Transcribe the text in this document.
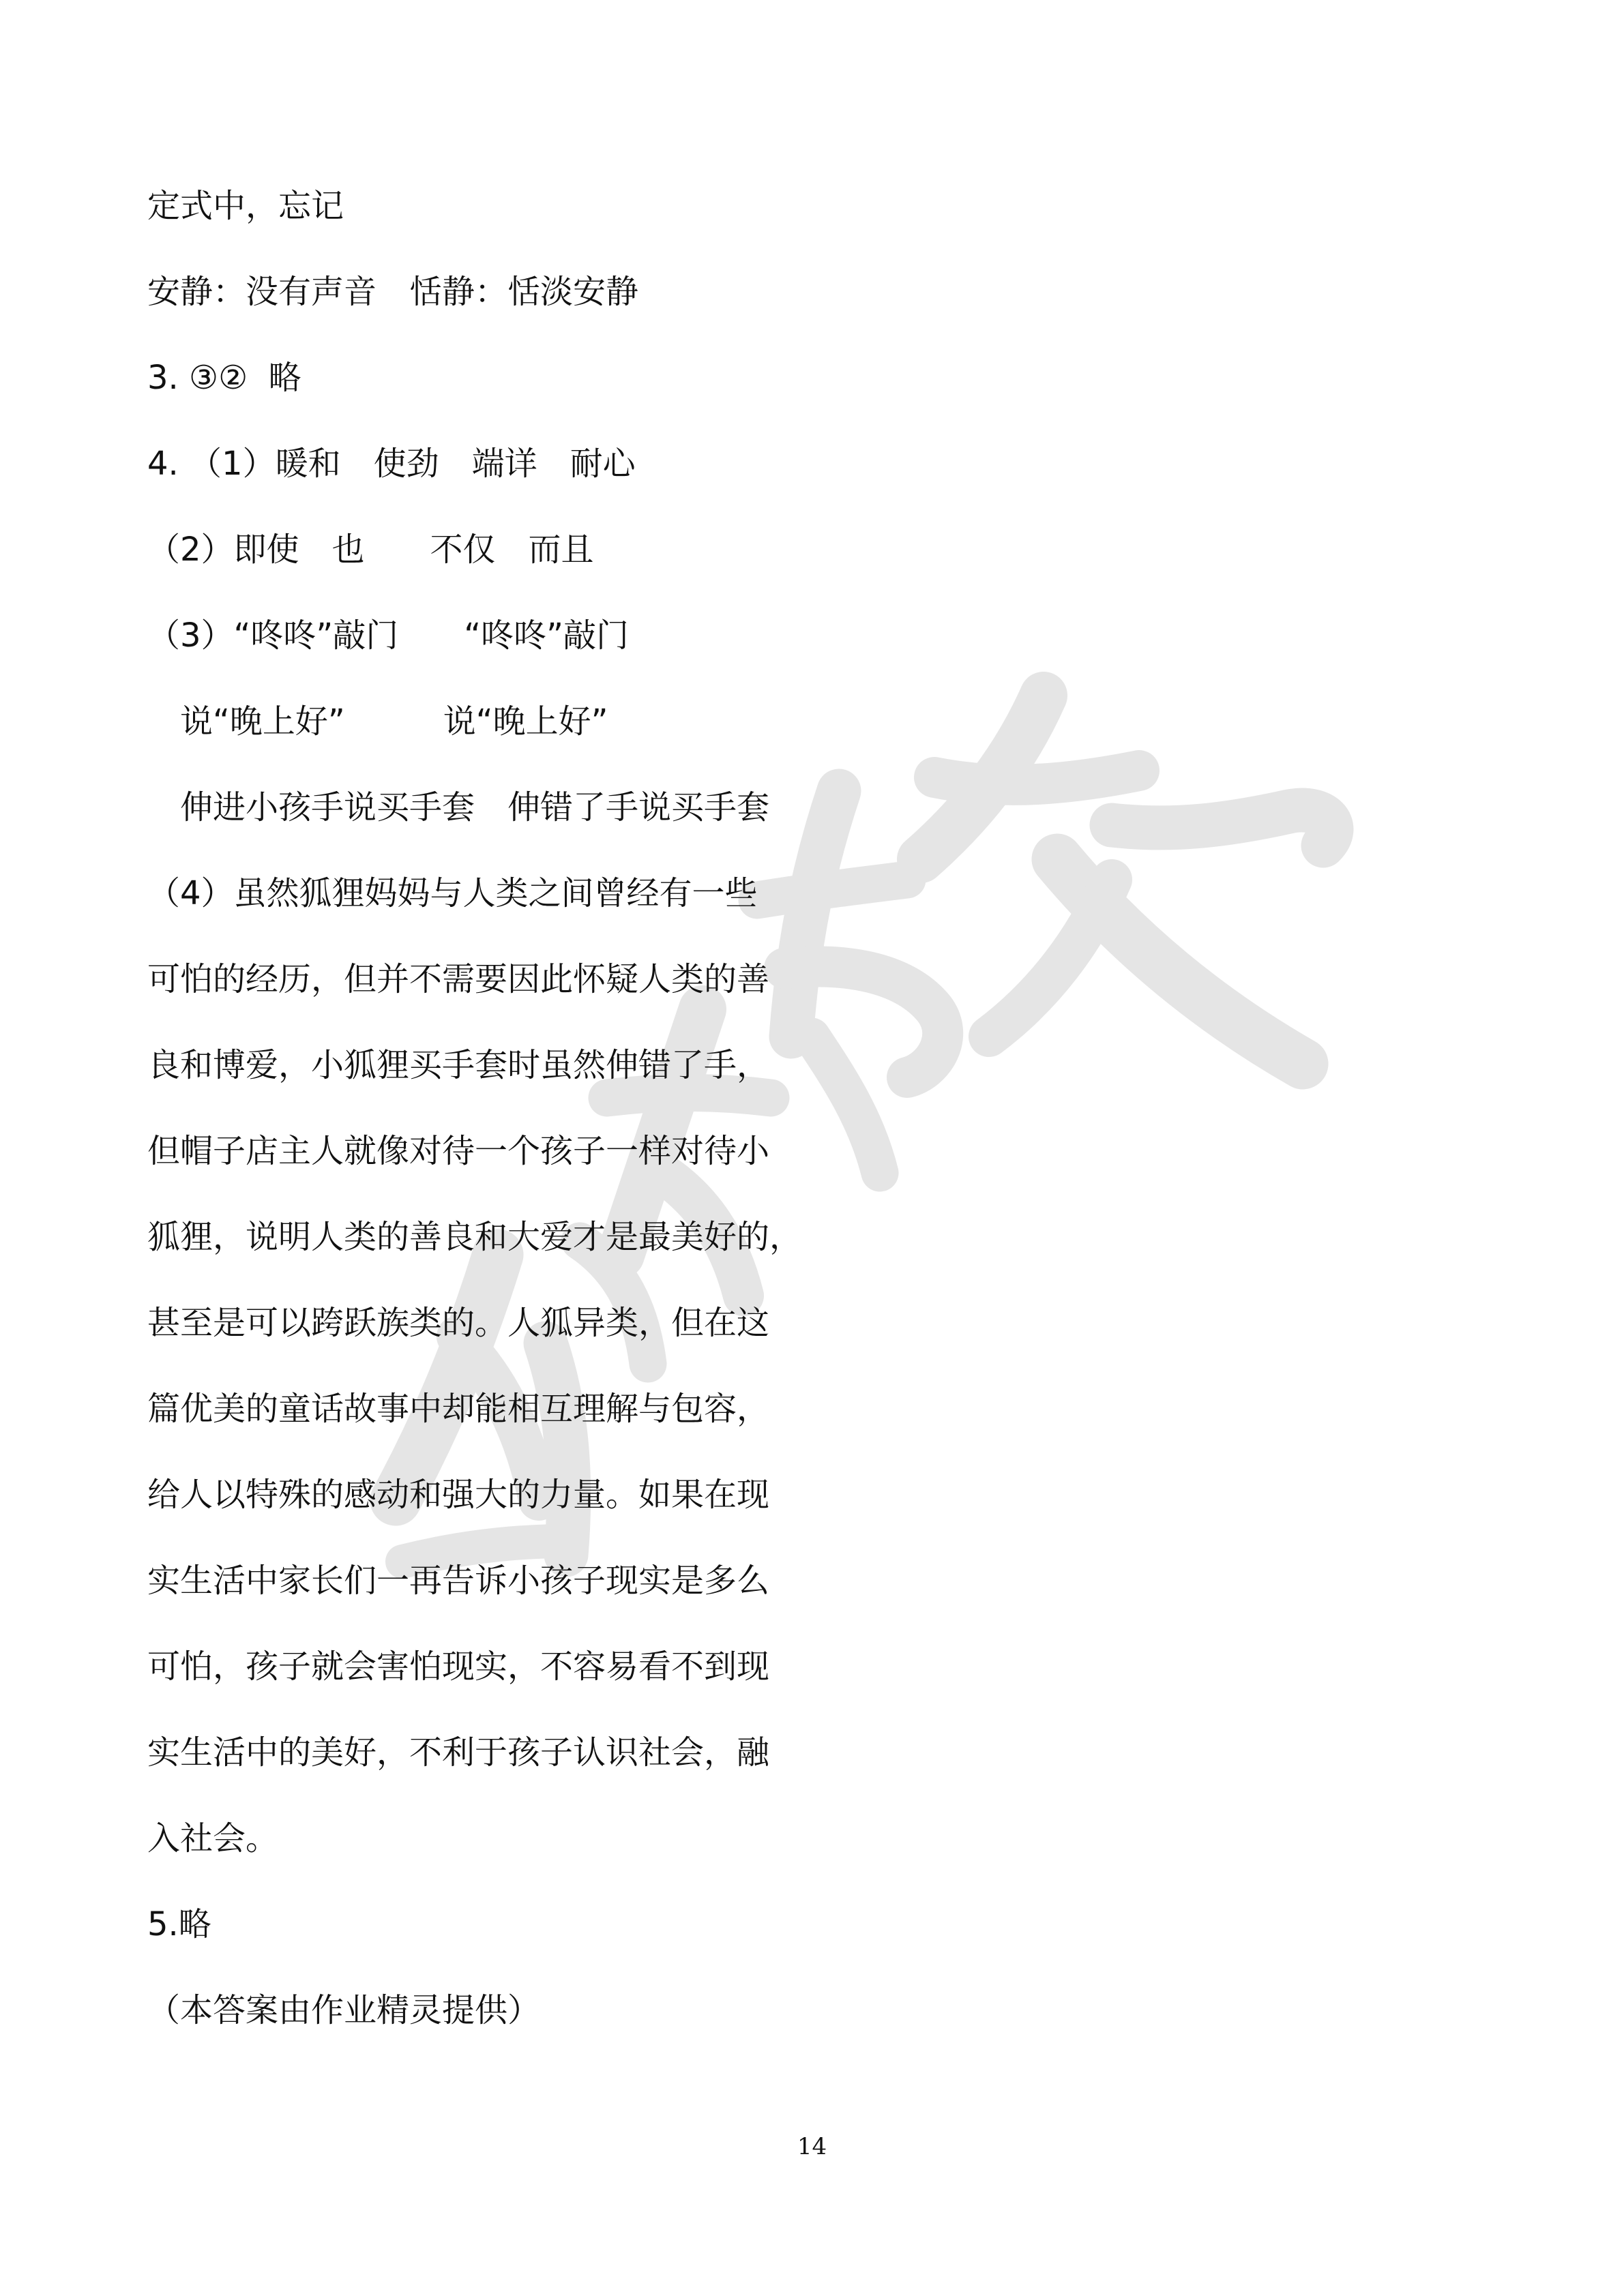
定式中，忘记
安静：没有声音　恬静：恬淡安静
3. ③②  略
4. （1）暖和　使劲　端详　耐心
（2）即使　也　　不仅　而且
（3）“咚咚”敲门　　“咚咚”敲门
　说“晚上好”　　　说“晚上好”
　伸进小孩手说买手套　伸错了手说买手套
（4）虽然狐狸妈妈与人类之间曾经有一些
可怕的经历，但并不需要因此怀疑人类的善
良和博爱，小狐狸买手套时虽然伸错了手，
但帽子店主人就像对待一个孩子一样对待小
狐狸，说明人类的善良和大爱才是最美好的，
甚至是可以跨跃族类的。人狐异类，但在这
篇优美的童话故事中却能相互理解与包容，
给人以特殊的感动和强大的力量。如果在现
实生活中家长们一再告诉小孩子现实是多么
可怕，孩子就会害怕现实，不容易看不到现
实生活中的美好，不利于孩子认识社会，融
入社会。
5.略
（本答案由作业精灵提供）
14
